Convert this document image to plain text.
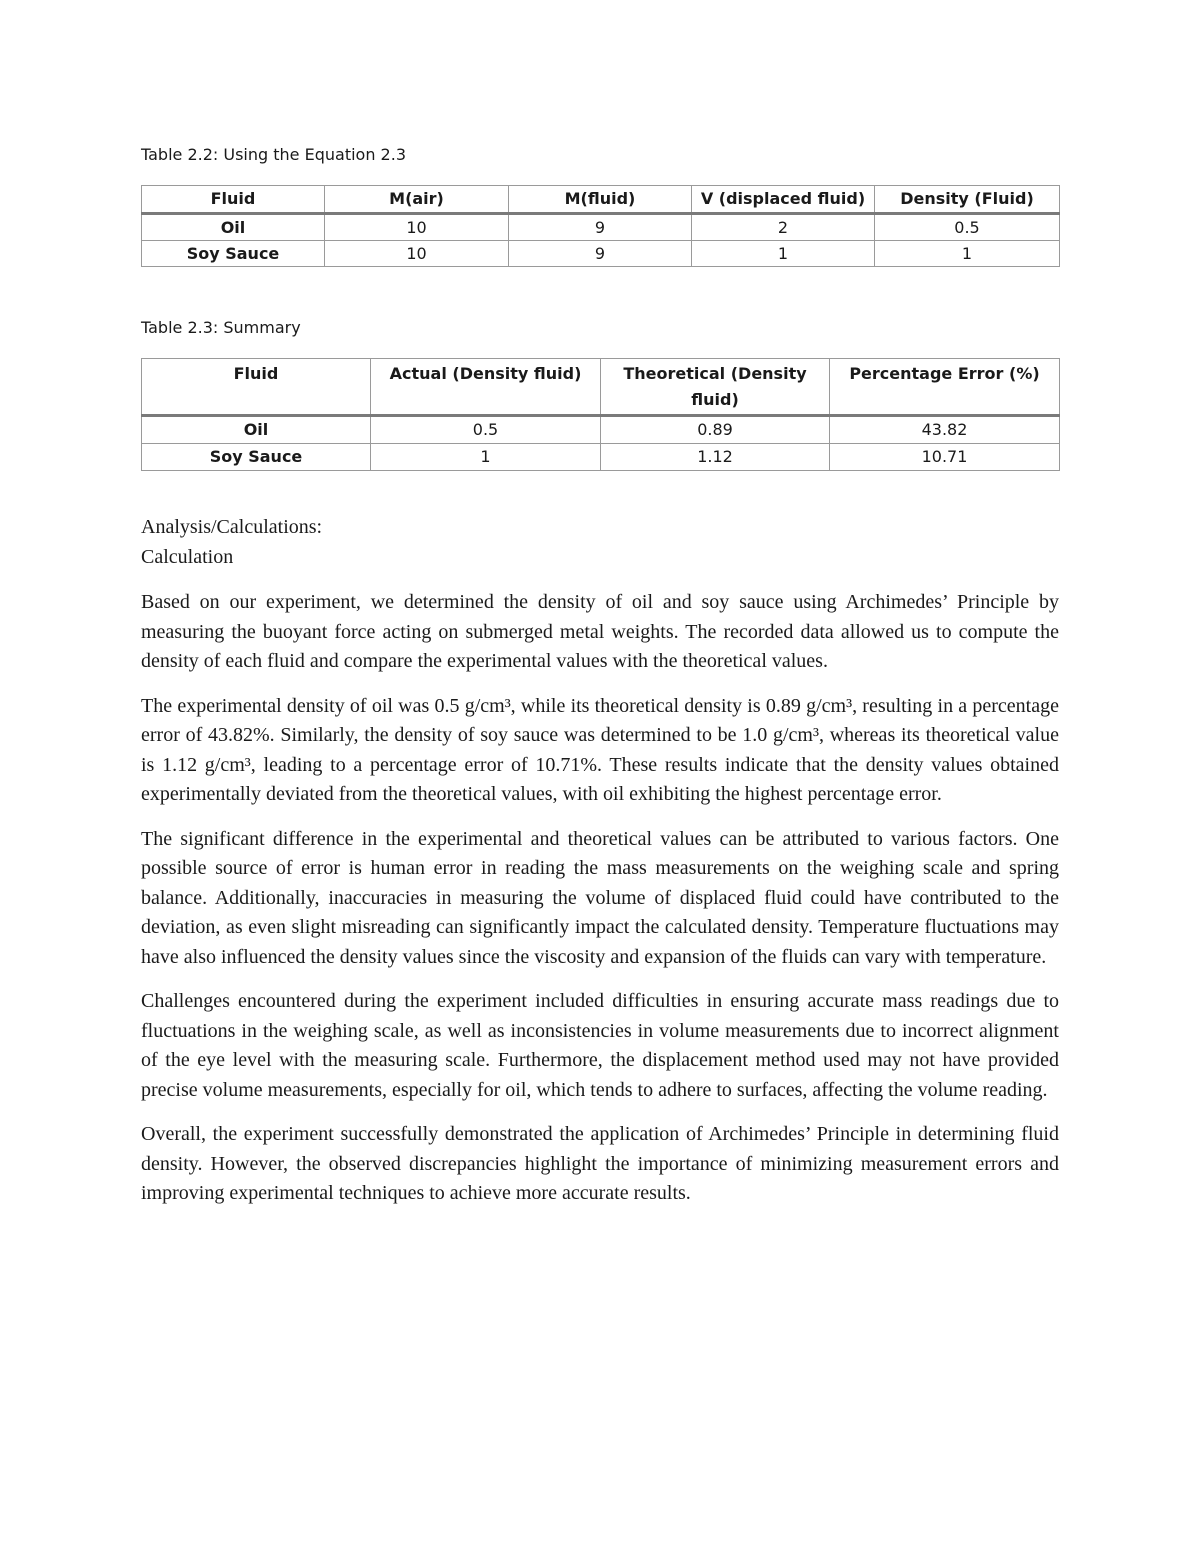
Table 2.2: Using the Equation 2.3
Fluid	M(air)	M(fluid)	V (displaced fluid)	Density (Fluid)
Oil	10	9	2	0.5
Soy Sauce	10	9	1	1
Table 2.3: Summary
Fluid	Actual (Density fluid)	Theoretical (Density fluid)	Percentage Error (%)
Oil	0.5	0.89	43.82
Soy Sauce	1	1.12	10.71
Analysis/Calculations:
Calculation

Based on our experiment, we determined the density of oil and soy sauce using Archimedes’ Principle by measuring the buoyant force acting on submerged metal weights. The recorded data allowed us to compute the density of each fluid and compare the experimental values with the theoretical values.

The experimental density of oil was 0.5 g/cm³, while its theoretical density is 0.89 g/cm³, resulting in a percentage error of 43.82%. Similarly, the density of soy sauce was determined to be 1.0 g/cm³, whereas its theoretical value is 1.12 g/cm³, leading to a percentage error of 10.71%. These results indicate that the density values obtained experimentally deviated from the theoretical values, with oil exhibiting the highest percentage error.

The significant difference in the experimental and theoretical values can be attributed to various factors. One possible source of error is human error in reading the mass measurements on the weighing scale and spring balance. Additionally, inaccuracies in measuring the volume of displaced fluid could have contributed to the deviation, as even slight misreading can significantly impact the calculated density. Temperature fluctuations may have also influenced the density values since the viscosity and expansion of the fluids can vary with temperature.

Challenges encountered during the experiment included difficulties in ensuring accurate mass readings due to fluctuations in the weighing scale, as well as inconsistencies in volume measurements due to incorrect alignment of the eye level with the measuring scale. Furthermore, the displacement method used may not have provided precise volume measurements, especially for oil, which tends to adhere to surfaces, affecting the volume reading.

Overall, the experiment successfully demonstrated the application of Archimedes’ Principle in determining fluid density. However, the observed discrepancies highlight the importance of minimizing measurement errors and improving experimental techniques to achieve more accurate results.
